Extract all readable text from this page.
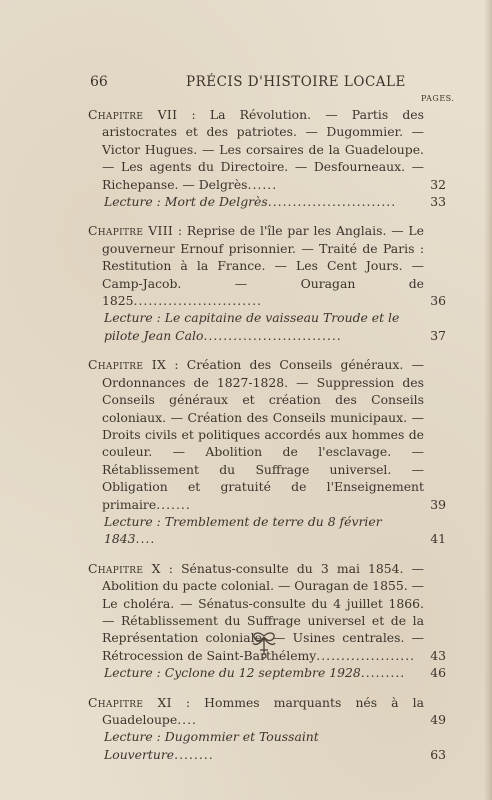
66	PRÉCIS D'HISTOIRE LOCALE
PAGES.
Chapitre VII : La Révolution. — Partis des aristocrates et des patriotes. — Dugommier. — Victor Hugues. — Les corsaires de la Guadeloupe. — Les agents du Directoire. — Desfourneaux. — Richepanse. — Delgrès......	32
Lecture : Mort de Delgrès..........................	33
Chapitre VIII : Reprise de l'île par les Anglais. — Le gouverneur Ernouf prisonnier. — Traité de Paris : Restitution à la France. — Les Cent Jours. — Camp-Jacob. — Ouragan de 1825..........................	36
Lecture : Le capitaine de vaisseau Troude et le pilote Jean Calo............................	37
Chapitre IX : Création des Conseils généraux. — Ordonnances de 1827-1828. — Suppression des Conseils généraux et création des Conseils coloniaux. — Création des Conseils municipaux. — Droits civils et politiques accordés aux hommes de couleur. — Abolition de l'esclavage. — Rétablissement du Suffrage universel. — Obligation et gratuité de l'Enseignement primaire.......	39
Lecture : Tremblement de terre du 8 février 1843....	41
Chapitre X : Sénatus-consulte du 3 mai 1854. — Abolition du pacte colonial. — Ouragan de 1855. — Le choléra. — Sénatus-consulte du 4 juillet 1866. — Rétablissement du Suffrage universel et de la Représentation coloniale. — Usines centrales. — Rétrocession de Saint-Barthélemy....................	43
Lecture : Cyclone du 12 septembre 1928......... 46
Chapitre XI : Hommes marquants nés à la Guadeloupe....	49
Lecture : Dugommier et Toussaint Louverture........	63
